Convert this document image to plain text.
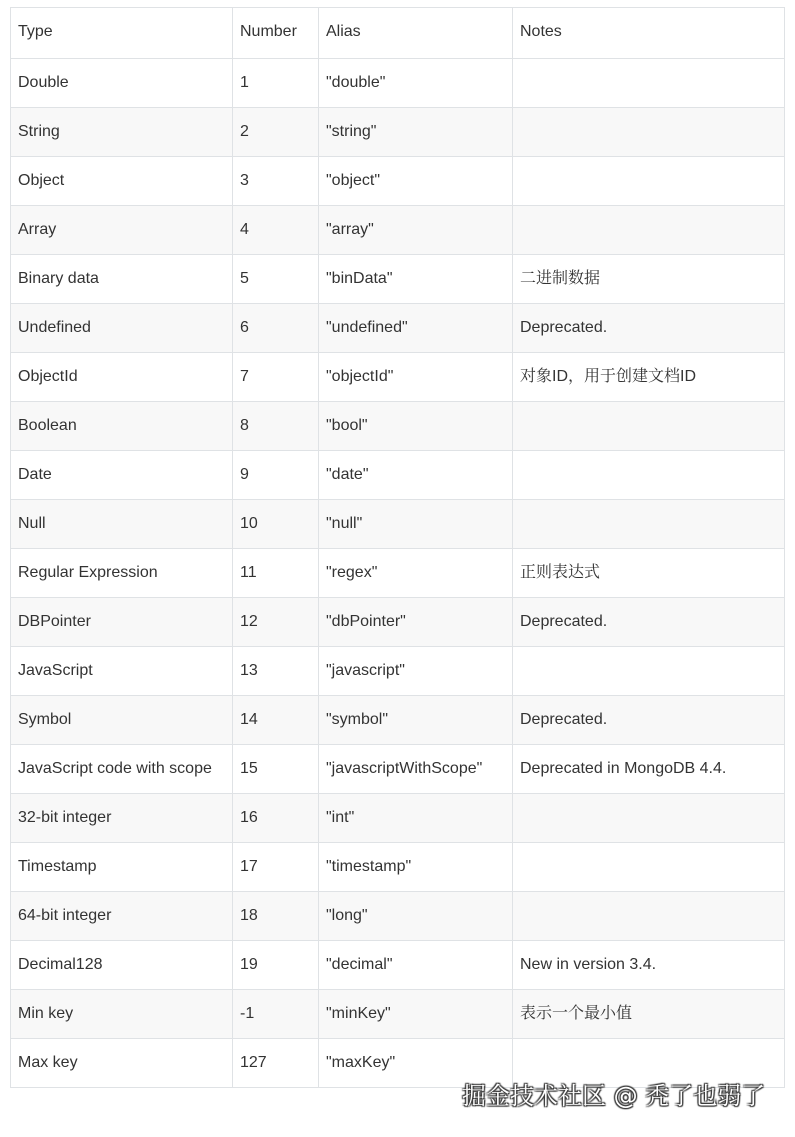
Type	Number	Alias	Notes
Double	1	"double"	
String	2	"string"	
Object	3	"object"	
Array	4	"array"	
Binary data	5	"binData"	二进制数据
Undefined	6	"undefined"	Deprecated.
ObjectId	7	"objectId"	对象ID，用于创建文档ID
Boolean	8	"bool"	
Date	9	"date"	
Null	10	"null"	
Regular Expression	11	"regex"	正则表达式
DBPointer	12	"dbPointer"	Deprecated.
JavaScript	13	"javascript"	
Symbol	14	"symbol"	Deprecated.
JavaScript code with scope	15	"javascriptWithScope"	Deprecated in MongoDB 4.4.
32-bit integer	16	"int"	
Timestamp	17	"timestamp"	
64-bit integer	18	"long"	
Decimal128	19	"decimal"	New in version 3.4.
Min key	-1	"minKey"	表示一个最小值
Max key	127	"maxKey"	
掘金技术社区 @ 秃了也弱了
